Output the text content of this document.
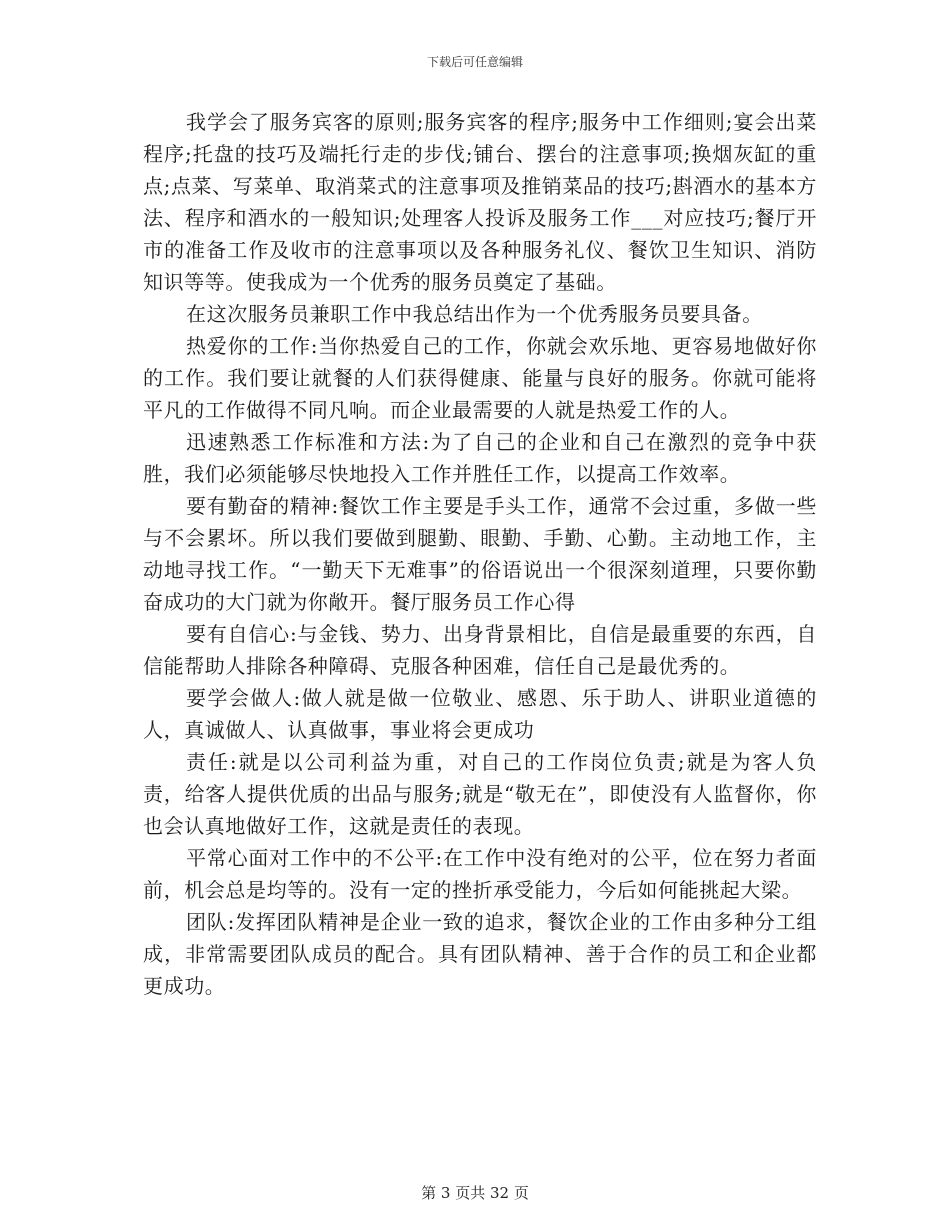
下载后可任意编辑

我学会了服务宾客的原则;服务宾客的程序;服务中工作细则;宴会出菜程序;托盘的技巧及端托行走的步伐;铺台、摆台的注意事项;换烟灰缸的重点;点菜、写菜单、取消菜式的注意事项及推销菜品的技巧;斟酒水的基本方法、程序和酒水的一般知识;处理客人投诉及服务工作___对应技巧;餐厅开市的准备工作及收市的注意事项以及各种服务礼仪、餐饮卫生知识、消防知识等等。使我成为一个优秀的服务员奠定了基础。

在这次服务员兼职工作中我总结出作为一个优秀服务员要具备。

热爱你的工作:当你热爱自己的工作，你就会欢乐地、更容易地做好你的工作。我们要让就餐的人们获得健康、能量与良好的服务。你就可能将平凡的工作做得不同凡响。而企业最需要的人就是热爱工作的人。

迅速熟悉工作标准和方法:为了自己的企业和自己在激烈的竞争中获胜，我们必须能够尽快地投入工作并胜任工作，以提高工作效率。

要有勤奋的精神:餐饮工作主要是手头工作，通常不会过重，多做一些与不会累坏。所以我们要做到腿勤、眼勤、手勤、心勤。主动地工作，主动地寻找工作。“一勤天下无难事”的俗语说出一个很深刻道理，只要你勤奋成功的大门就为你敞开。餐厅服务员工作心得

要有自信心:与金钱、势力、出身背景相比，自信是最重要的东西，自信能帮助人排除各种障碍、克服各种困难，信任自己是最优秀的。

要学会做人:做人就是做一位敬业、感恩、乐于助人、讲职业道德的人，真诚做人、认真做事，事业将会更成功

责任:就是以公司利益为重，对自己的工作岗位负责;就是为客人负责，给客人提供优质的出品与服务;就是“敬无在”，即使没有人监督你，你也会认真地做好工作，这就是责任的表现。

平常心面对工作中的不公平:在工作中没有绝对的公平，位在努力者面前，机会总是均等的。没有一定的挫折承受能力，今后如何能挑起大梁。

团队:发挥团队精神是企业一致的追求，餐饮企业的工作由多种分工组成，非常需要团队成员的配合。具有团队精神、善于合作的员工和企业都更成功。

第 3 页共 32 页
